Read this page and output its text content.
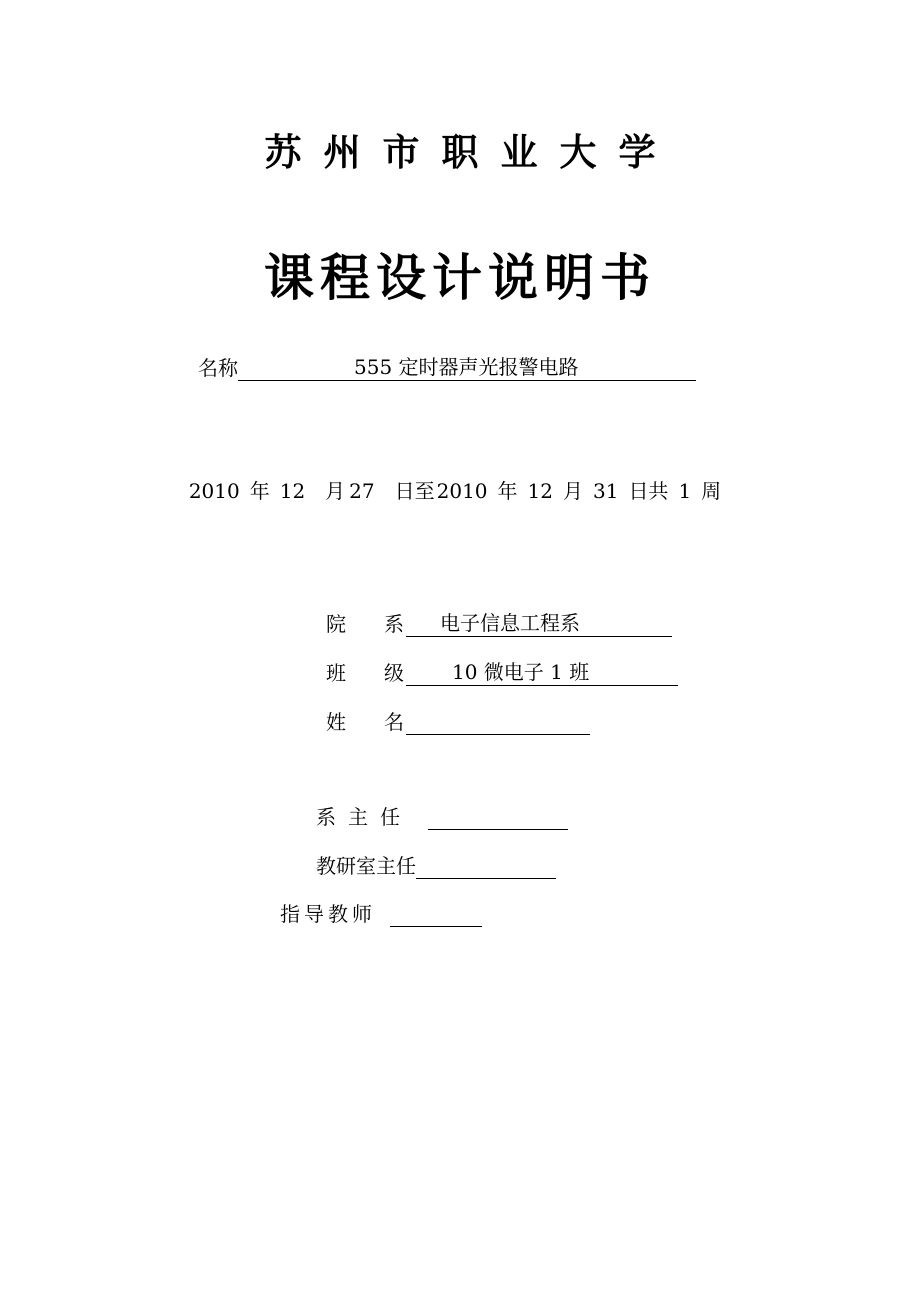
苏州市职业大学
课程设计说明书
名称	555 定时器声光报警电路
2010 年 12 月 27 日至 2010 年 12 月 31 日共 1 周
院 系	电子信息工程系
班 级	10 微电子 1 班
姓 名
系主任
教研室主任
指导教师
